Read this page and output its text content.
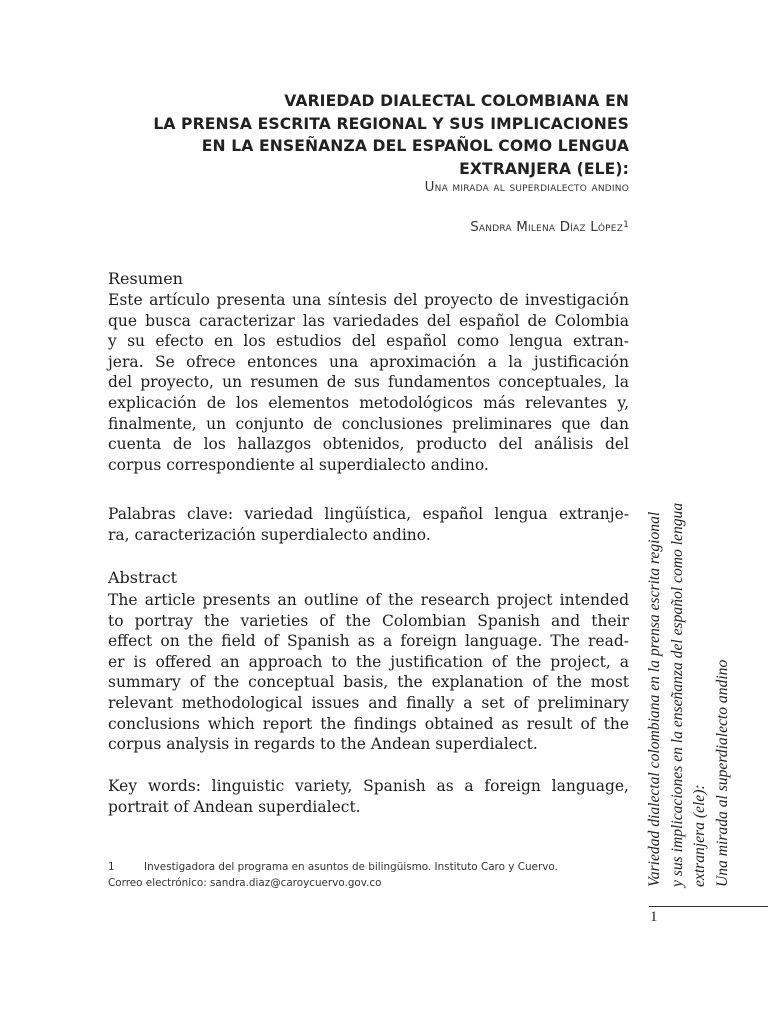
VARIEDAD DIALECTAL COLOMBIANA EN
LA PRENSA ESCRITA REGIONAL Y SUS IMPLICACIONES
EN LA ENSEÑANZA DEL ESPAÑOL COMO LENGUA
EXTRANJERA (ELE):
Una mirada al superdialecto andino
Sandra Milena Díaz López$^1$
Resumen
Este artículo presenta una síntesis del proyecto de investigación
que busca caracterizar las variedades del español de Colombia
y su efecto en los estudios del español como lengua extran-
jera. Se ofrece entonces una aproximación a la justificación
del proyecto, un resumen de sus fundamentos conceptuales, la
explicación de los elementos metodológicos más relevantes y,
finalmente, un conjunto de conclusiones preliminares que dan
cuenta de los hallazgos obtenidos, producto del análisis del
corpus correspondiente al superdialecto andino.
Palabras clave: variedad lingüística, español lengua extranje-
ra, caracterización superdialecto andino.
Abstract
The article presents an outline of the research project intended
to portray the varieties of the Colombian Spanish and their
effect on the field of Spanish as a foreign language. The read-
er is offered an approach to the justification of the project, a
summary of the conceptual basis, the explanation of the most
relevant methodological issues and finally a set of preliminary
conclusions which report the findings obtained as result of the
corpus analysis in regards to the Andean superdialect.
Key words: linguistic variety, Spanish as a foreign language,
portrait of Andean superdialect.
1	Investigadora del programa en asuntos de bilingüismo. Instituto Caro y Cuervo.
Correo electrónico: sandra.diaz@caroycuervo.gov.co	Variedad dialectal colombiana en la prensa escrita regional y sus implicaciones en la enseñanza del español como lengua extranjera (ele): Una mirada al superdialecto andino
1
